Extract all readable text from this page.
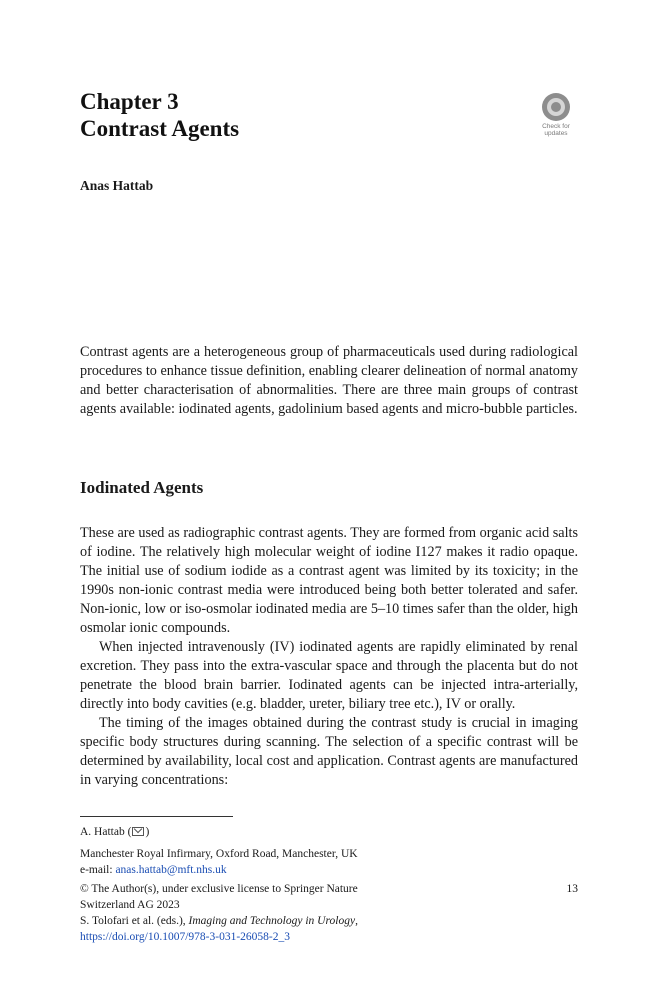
Chapter 3
Contrast Agents	Check for
updates
Anas Hattab

Contrast agents are a heterogeneous group of pharmaceuticals used during radiological procedures to enhance tissue definition, enabling clearer delineation of normal anatomy and better characterisation of abnormalities. There are three main groups of contrast agents available: iodinated agents, gadolinium based agents and micro-bubble particles.

Iodinated Agents

These are used as radiographic contrast agents. They are formed from organic acid salts of iodine. The relatively high molecular weight of iodine I127 makes it radio opaque. The initial use of sodium iodide as a contrast agent was limited by its toxicity; in the 1990s non-ionic contrast media were introduced being both better tolerated and safer. Non-ionic, low or iso-osmolar iodinated media are 5–10 times safer than the older, high osmolar ionic compounds.

When injected intravenously (IV) iodinated agents are rapidly eliminated by renal excretion. They pass into the extra-vascular space and through the placenta but do not penetrate the blood brain barrier. Iodinated agents can be injected intra-arterially, directly into body cavities (e.g. bladder, ureter, biliary tree etc.), IV or orally.

The timing of the images obtained during the contrast study is crucial in imaging specific body structures during scanning. The selection of a specific contrast will be determined by availability, local cost and application. Contrast agents are manufactured in varying concentrations:

A. Hattab ( )
Manchester Royal Infirmary, Oxford Road, Manchester, UK
e-mail: anas.hattab@mft.nhs.uk
© The Author(s), under exclusive license to Springer Nature
Switzerland AG 2023
S. Tolofari et al. (eds.), Imaging and Technology in Urology,
https://doi.org/10.1007/978-3-031-26058-2_3
13
